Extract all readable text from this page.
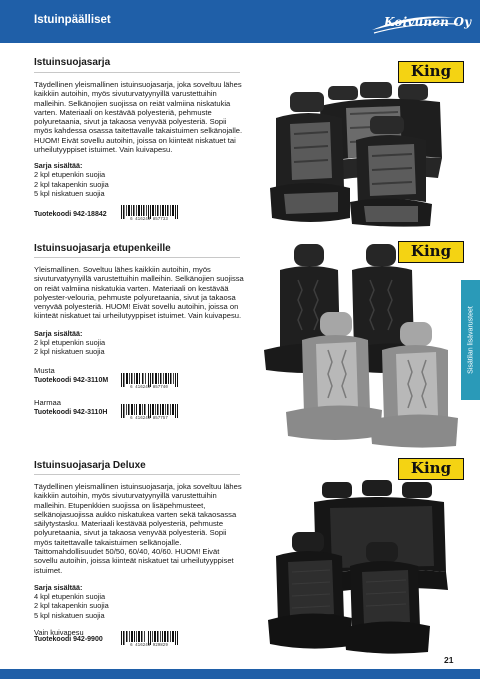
Istuinpäälliset	Koivunen Oy

Istuinsuojasarja

Täydellinen yleismallinen istuinsuojasarja, joka soveltuu lähes kaikkiin autoihin, myös sivuturvatyynyillä varustettuihin malleihin. Selkänojien suojissa on reiät valmiina niskatukia varten. Materiaali on kestävää polyesteriä, pehmuste polyuretaania, sivut ja takaosa venyvää polyesteriä. Sopii myös kahdessa osassa taitettavalle takaistuimen selkänojalle. HUOM! Eivät sovellu autoihin, joissa on kiinteät niskatuet tai urheilutyyppiset istuimet. Vain kuivapesu.

Sarja sisältää:

2 kpl etupenkin suojia

2 kpl takapenkin suojia

5 kpl niskatuen suojia

Tuotekoodi 942-18842
6 416240 857733
King

Istuinsuojasarja etupenkeille

Yleismallinen. Soveltuu lähes kaikkiin autoihin, myös sivuturvatyynyillä varustettuihin malleihin. Selkänojien suojissa on reiät valmiina niskatukia varten. Materiaali on kestävää polyester-velouria, pehmuste polyuretaania, sivut ja takaosa venyvää polyesteriä. HUOM! Eivät sovellu autoihin, joissa on kiinteät niskatuet tai urheilutyyppiset istuimet. Vain kuivapesu.

Sarja sisältää:

2 kpl etupenkin suojia

2 kpl niskatuen suojia

Musta
Tuotekoodi 942-3110M
6 416240 857740
Harmaa
Tuotekoodi 942-3110H
6 416240 857757
King
Sisätilan lisävarusteet

Istuinsuojasarja Deluxe

Täydellinen yleismallinen istuinsuojasarja, joka soveltuu lähes kaikkiin autoihin, myös sivuturvatyynyillä varustettuihin malleihin. Etupenkkien suojissa on lisäpehmusteet, selkänojasuojissa aukko niskatukea varten sekä takaosassa säilytystasku. Materiaali kestävää polyesteriä, pehmuste polyuretaania, sivut ja takaosa venyvää polyesteriä. Sopii myös taitettavalle takaistuimen selkänojalle. Taittomahdollisuudet 50/50, 60/40, 40/60. HUOM! Eivät sovellu autoihin, joissa kiinteät niskatuet tai urheilutyyppiset istuimet.

Sarja sisältää:

4 kpl etupenkin suojia

2 kpl takapenkin suojia

5 kpl niskatuen suojia

Vain kuivapesu

Tuotekoodi 942-9900
6 416240 929829
King
21
